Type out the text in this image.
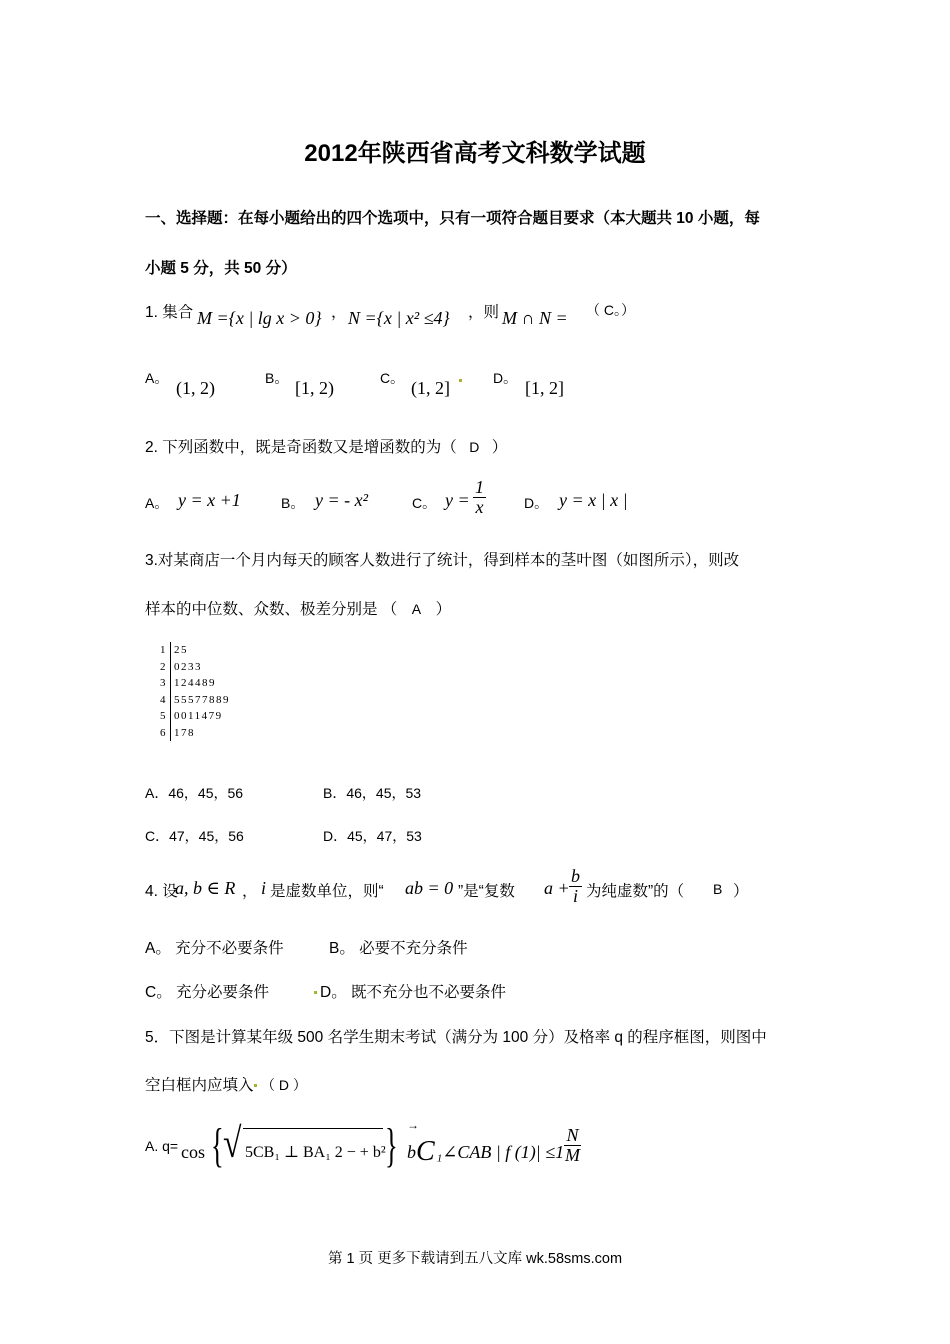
2012年陕西省高考文科数学试题
一、选择题：在每小题给出的四个选项中，只有一项符合题目要求（本大题共 10 小题，每
小题 5 分，共 50 分）
1. 集合 M ={x | lg x > 0} ， N ={x | x² ≤4} ，则 M ∩ N = （ C。）
A。 (1, 2)	B。 [1, 2)	C。 (1, 2]	D。 [1, 2]
2. 下列函数中，既是奇函数又是增函数的为（ D ）
A。 y = x +1	B。 y = - x²	C。 $y = \frac{1}{x}$	D。 y = x | x |
3.对某商店一个月内每天的顾客人数进行了统计，得到样本的茎叶图（如图所示），则改
样本的中位数、众数、极差分别是 （ A ）
1 25
2 0233
3 124489
4 55577889
5 0011479
6 178
A．46，45，56	B．46，45，53
C．47，45，56	D．45，47，53
4. 设
a, b ∈ R ， i 是虚数单位，则“ ab = 0 ”是“复数 $a + \frac{b}{i}$ 为纯虚数”的（ B ）
A。 充分不必要条件	B。 必要不充分条件
C。 充分必要条件	D。 既不充分也不必要条件
5．下图是计算某年级 500 名学生期末考试（满分为 100 分）及格率 q 的程序框图，则图中
空白框内应填入 （ D ）
A. q= cos { √ 5CB₁ ⊥ BA₁ 2 − + b² } →
b C ₁∠CAB | f (1)| ≤1
$\frac{N}{M}$
第 1 页 更多下载请到五八文库 wk.58sms.com
